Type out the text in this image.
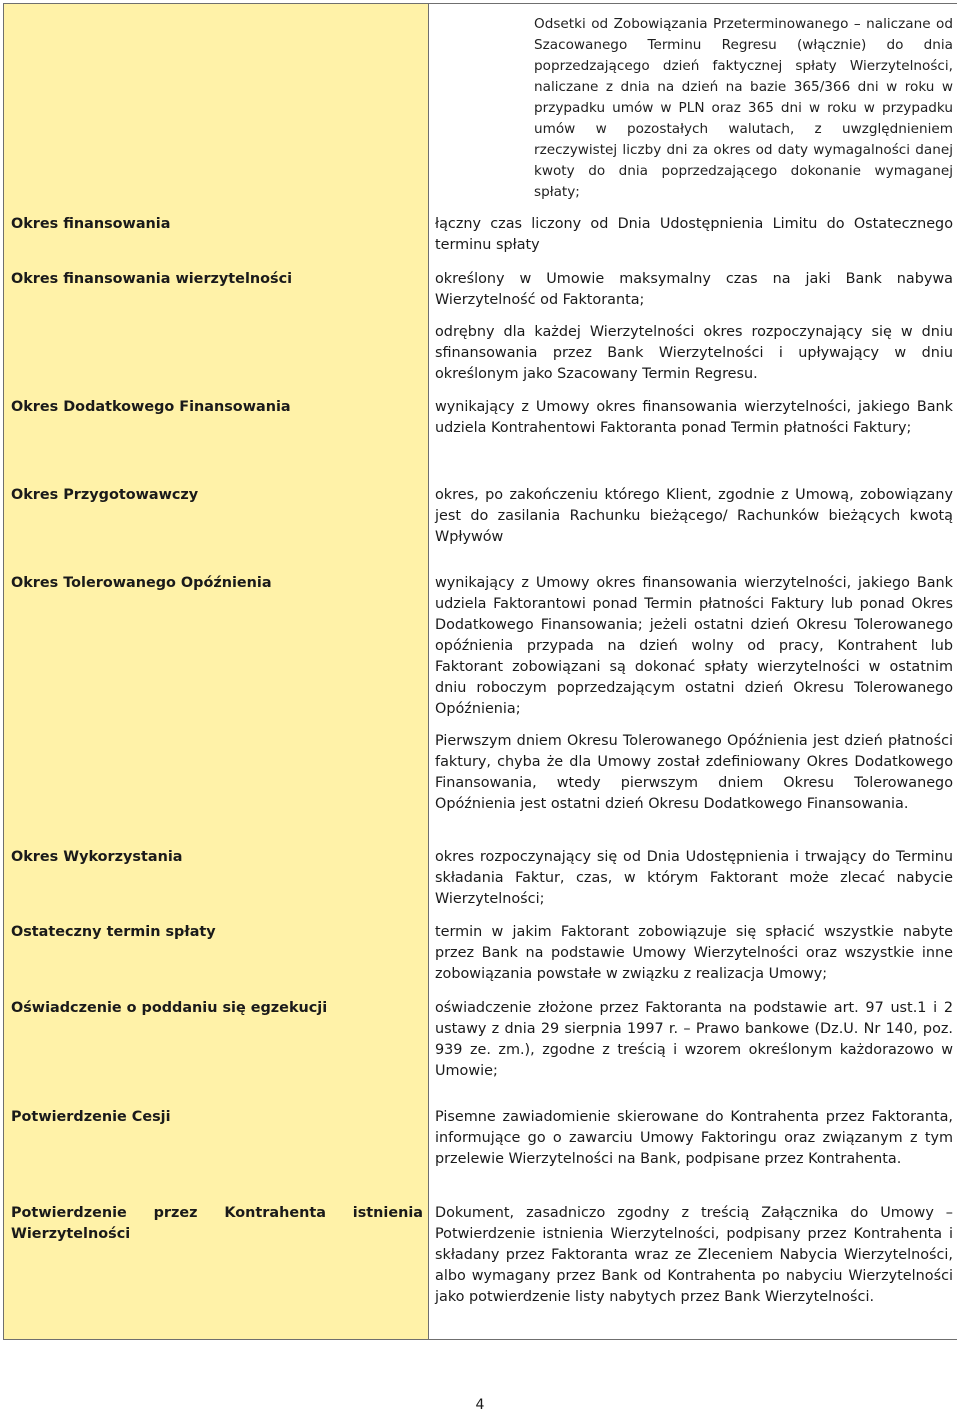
Okres finansowania

Okres finansowania wierzytelności

Okres Dodatkowego Finansowania

Okres Przygotowawczy

Okres Tolerowanego Opóźnienia

Okres Wykorzystania

Ostateczny termin spłaty

Oświadczenie o poddaniu się egzekucji

Potwierdzenie Cesji

Potwierdzenie przez Kontrahenta istnienia
Wierzytelności

Odsetki od Zobowiązania Przeterminowanego – naliczane od Szacowanego Terminu Regresu (włącznie) do dnia poprzedzającego dzień faktycznej spłaty Wierzytelności, naliczane z dnia na dzień na bazie 365/366 dni w roku w przypadku umów w PLN oraz 365 dni w roku w przypadku umów w pozostałych walutach, z uwzględnieniem rzeczywistej liczby dni za okres od daty wymagalności danej kwoty do dnia poprzedzającego dokonanie wymaganej spłaty;

łączny czas liczony od Dnia Udostępnienia Limitu do Ostatecznego terminu spłaty

określony w Umowie maksymalny czas na jaki Bank nabywa Wierzytelność od Faktoranta;

odrębny dla każdej Wierzytelności okres rozpoczynający się w dniu sfinansowania przez Bank Wierzytelności i upływający w dniu określonym jako Szacowany Termin Regresu.

wynikający z Umowy okres finansowania wierzytelności, jakiego Bank udziela Kontrahentowi Faktoranta ponad Termin płatności Faktury;

okres, po zakończeniu którego Klient, zgodnie z Umową, zobowiązany jest do zasilania Rachunku bieżącego/ Rachunków bieżących kwotą Wpływów

wynikający z Umowy okres finansowania wierzytelności, jakiego Bank udziela Faktorantowi ponad Termin płatności Faktury lub ponad Okres Dodatkowego Finansowania; jeżeli ostatni dzień Okresu Tolerowanego opóźnienia przypada na dzień wolny od pracy, Kontrahent lub Faktorant zobowiązani są dokonać spłaty wierzytelności w ostatnim dniu roboczym poprzedzającym ostatni dzień Okresu Tolerowanego Opóźnienia;

Pierwszym dniem Okresu Tolerowanego Opóźnienia jest dzień płatności faktury, chyba że dla Umowy został zdefiniowany Okres Dodatkowego Finansowania, wtedy pierwszym dniem Okresu Tolerowanego Opóźnienia jest ostatni dzień Okresu Dodatkowego Finansowania.

okres rozpoczynający się od Dnia Udostępnienia i trwający do Terminu składania Faktur, czas, w którym Faktorant może zlecać nabycie Wierzytelności;

termin w jakim Faktorant zobowiązuje się spłacić wszystkie nabyte przez Bank na podstawie Umowy Wierzytelności oraz wszystkie inne zobowiązania powstałe w związku z realizacja Umowy;

oświadczenie złożone przez Faktoranta na podstawie art. 97 ust.1 i 2 ustawy z dnia 29 sierpnia 1997 r. – Prawo bankowe (Dz.U. Nr 140, poz. 939 ze. zm.), zgodne z treścią i wzorem określonym każdorazowo w Umowie;

Pisemne zawiadomienie skierowane do Kontrahenta przez Faktoranta, informujące go o zawarciu Umowy Faktoringu oraz związanym z tym przelewie Wierzytelności na Bank, podpisane przez Kontrahenta.

Dokument, zasadniczo zgodny z treścią Załącznika do Umowy – Potwierdzenie istnienia Wierzytelności, podpisany przez Kontrahenta i składany przez Faktoranta wraz ze Zleceniem Nabycia Wierzytelności, albo wymagany przez Bank od Kontrahenta po nabyciu Wierzytelności jako potwierdzenie listy nabytych przez Bank Wierzytelności.

4
